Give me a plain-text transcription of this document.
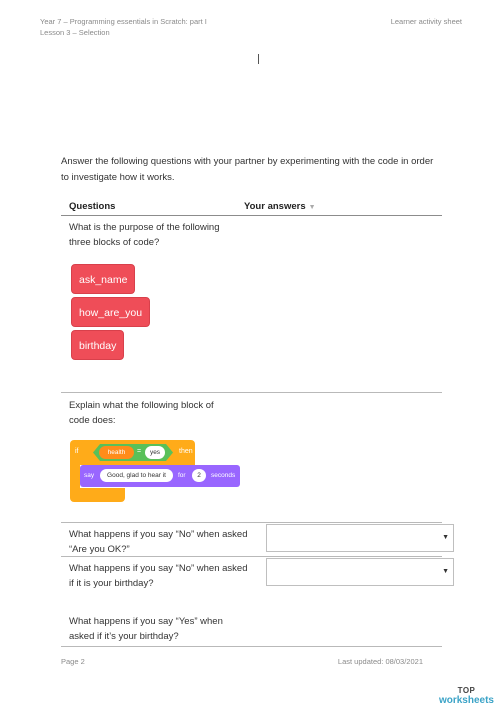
Year 7 – Programming essentials in Scratch: part I
Lesson 3 – Selection
Learner activity sheet
Answer the following questions with your partner by experimenting with the code in order to investigate how it works.
Questions	Your answers ▼
What is the purpose of the following three blocks of code?
ask_name
how_are_you
birthday
Explain what the following block of code does:
if	health	=	yes	then
say	Good, glad to hear it	for	2	seconds
What happens if you say “No” when asked “Are you OK?”
▼
What happens if you say “No” when asked if it is your birthday?
▼
What happens if you say “Yes” when asked if it’s your birthday?
Page 2	Last updated: 08/03/2021
TOP
worksheets
